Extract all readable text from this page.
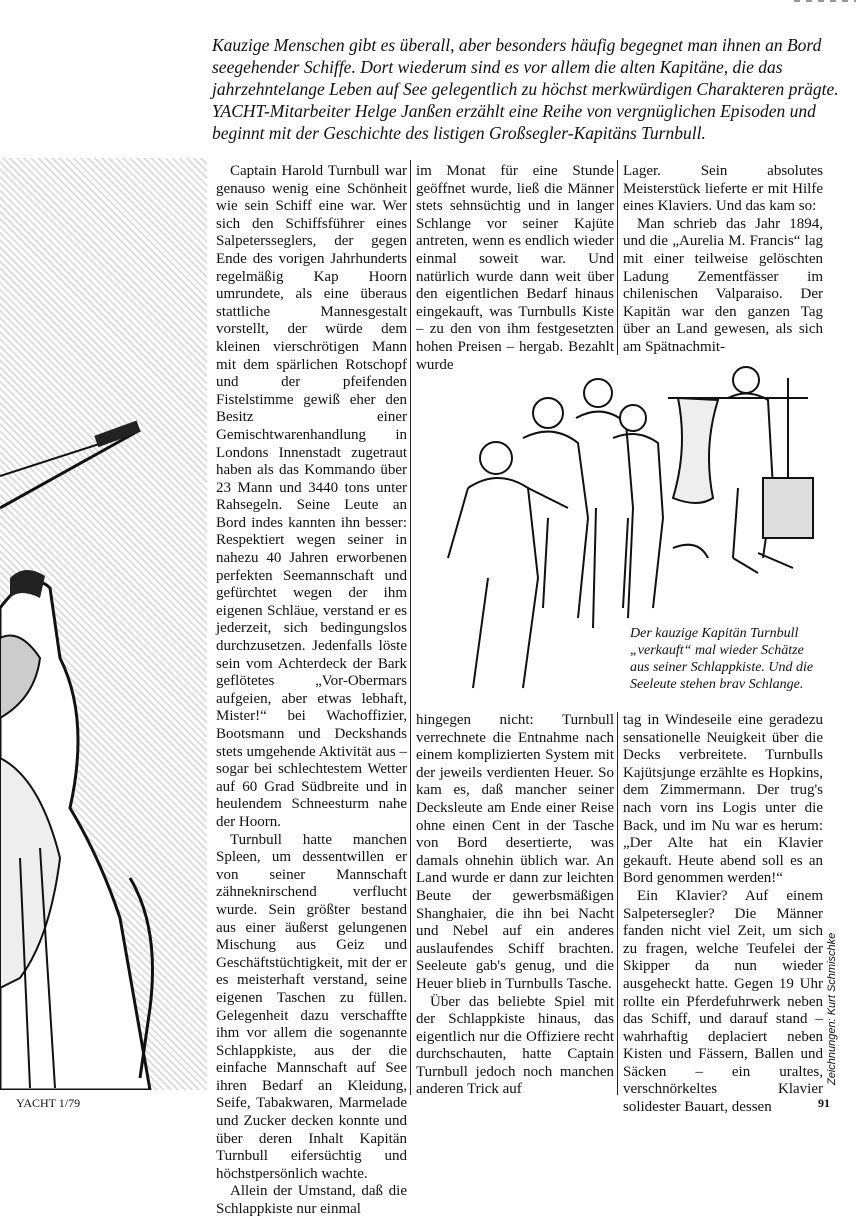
Kauzige Menschen gibt es überall, aber besonders häufig begegnet man ihnen an Bord seegehender Schiffe. Dort wiederum sind es vor allem die alten Kapitäne, die das jahrzehntelange Leben auf See gelegentlich zu höchst merkwürdigen Charakteren prägte. YACHT-Mitarbeiter Helge Janßen erzählt eine Reihe von vergnüglichen Episoden und beginnt mit der Geschichte des listigen Großsegler-Kapitäns Turnbull.

Captain Harold Turnbull war genauso wenig eine Schönheit wie sein Schiff eine war. Wer sich den Schiffsführer eines Salpetersseglers, der gegen Ende des vorigen Jahrhunderts regelmäßig Kap Hoorn umrundete, als eine überaus stattliche Mannesgestalt vorstellt, der würde dem kleinen vierschrötigen Mann mit dem spärlichen Rotschopf und der pfeifenden Fistelstimme gewiß eher den Besitz einer Gemischtwarenhandlung in Londons Innenstadt zugetraut haben als das Kommando über 23 Mann und 3440 tons unter Rahsegeln. Seine Leute an Bord indes kannten ihn besser: Respektiert wegen seiner in nahezu 40 Jahren erworbenen perfekten Seemannschaft und gefürchtet wegen der ihm eigenen Schläue, verstand er es jederzeit, sich bedingungslos durchzusetzen. Jedenfalls löste sein vom Achterdeck der Bark geflötetes „Vor-Obermars aufgeien, aber etwas lebhaft, Mister!“ bei Wachoffizier, Bootsmann und Deckshands stets umgehende Aktivität aus – sogar bei schlechtestem Wetter auf 60 Grad Südbreite und in heulendem Schneesturm nahe der Hoorn.

Turnbull hatte manchen Spleen, um dessentwillen er von seiner Mannschaft zähneknirschend verflucht wurde. Sein größter bestand aus einer äußerst gelungenen Mischung aus Geiz und Geschäftstüchtigkeit, mit der er es meisterhaft verstand, seine eigenen Taschen zu füllen. Gelegenheit dazu verschaffte ihm vor allem die sogenannte Schlappkiste, aus der die einfache Mannschaft auf See ihren Bedarf an Kleidung, Seife, Tabakwaren, Marmelade und Zucker decken konnte und über deren Inhalt Kapitän Turnbull eifersüchtig und höchstpersönlich wachte.

Allein der Umstand, daß die Schlappkiste nur einmal

im Monat für eine Stunde geöffnet wurde, ließ die Männer stets sehnsüchtig und in langer Schlange vor seiner Kajüte antreten, wenn es endlich wieder einmal soweit war. Und natürlich wurde dann weit über den eigentlichen Bedarf hinaus eingekauft, was Turnbulls Kiste – zu den von ihm festgesetzten hohen Preisen – hergab. Bezahlt wurde

Lager. Sein absolutes Meisterstück lieferte er mit Hilfe eines Klaviers. Und das kam so:

Man schrieb das Jahr 1894, und die „Aurelia M. Francis“ lag mit einer teilweise gelöschten Ladung Zementfässer im chilenischen Valparaiso. Der Kapitän war den ganzen Tag über an Land gewesen, als sich am Spätnachmit-

Der kauzige Kapitän Turnbull „verkauft“ mal wieder Schätze aus seiner Schlappkiste. Und die Seeleute stehen brav Schlange.

hingegen nicht: Turnbull verrechnete die Entnahme nach einem komplizierten System mit der jeweils verdienten Heuer. So kam es, daß mancher seiner Decksleute am Ende einer Reise ohne einen Cent in der Tasche von Bord desertierte, was damals ohnehin üblich war. An Land wurde er dann zur leichten Beute der gewerbsmäßigen Shanghaier, die ihn bei Nacht und Nebel auf ein anderes auslaufendes Schiff brachten. Seeleute gab's genug, und die Heuer blieb in Turnbulls Tasche.

Über das beliebte Spiel mit der Schlappkiste hinaus, das eigentlich nur die Offiziere recht durchschauten, hatte Captain Turnbull jedoch noch manchen anderen Trick auf

tag in Windeseile eine geradezu sensationelle Neuigkeit über die Decks verbreitete. Turnbulls Kajütsjunge erzählte es Hopkins, dem Zimmermann. Der trug's nach vorn ins Logis unter die Back, und im Nu war es herum: „Der Alte hat ein Klavier gekauft. Heute abend soll es an Bord genommen werden!“

Ein Klavier? Auf einem Salpetersegler? Die Männer fanden nicht viel Zeit, um sich zu fragen, welche Teufelei der Skipper da nun wieder ausgeheckt hatte. Gegen 19 Uhr rollte ein Pferdefuhrwerk neben das Schiff, und darauf stand – wahrhaftig deplaciert neben Kisten und Fässern, Ballen und Säcken – ein uraltes, verschnörkeltes Klavier solidester Bauart, dessen

Zeichnungen: Kurt Schmischke
YACHT 1/79	91
